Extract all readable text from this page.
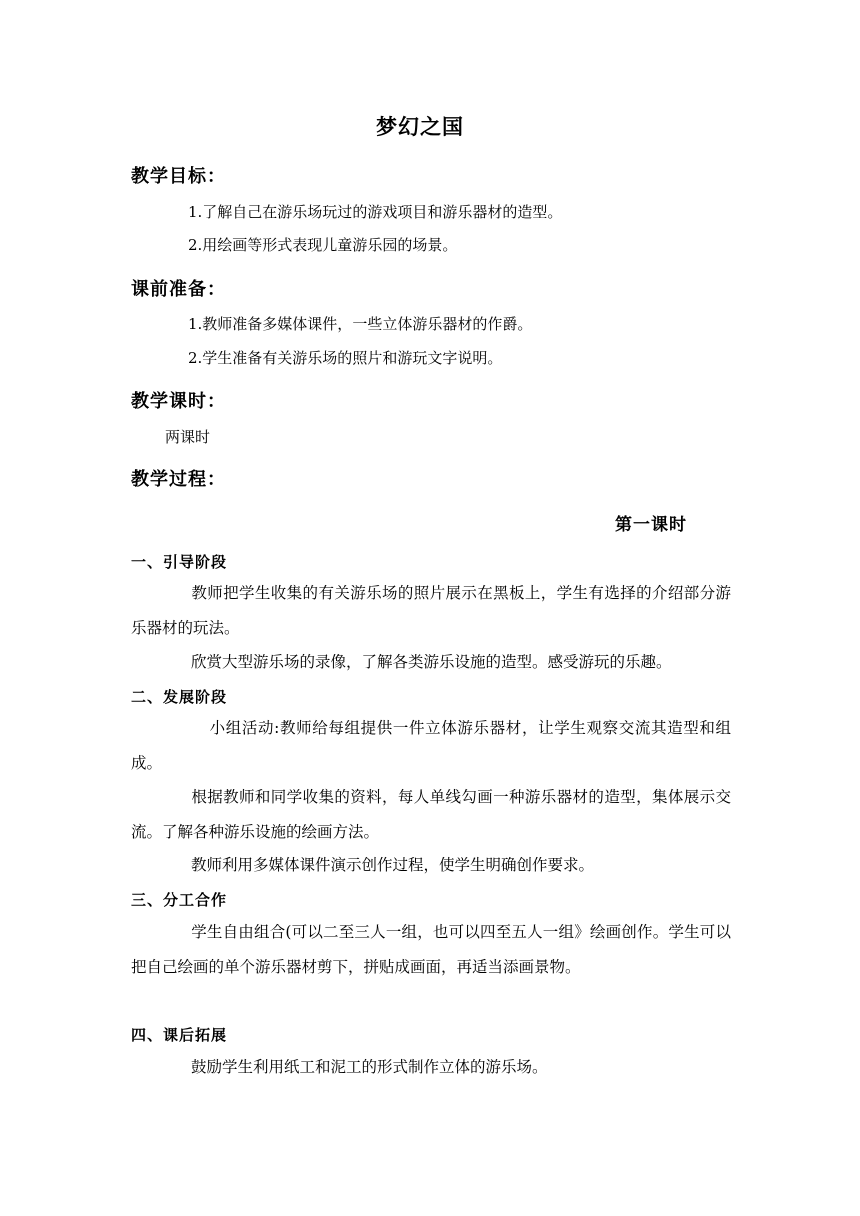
梦幻之国
教学目标：
1.了解自己在游乐场玩过的游戏项目和游乐器材的造型。
2.用绘画等形式表现儿童游乐园的场景。
课前准备：
1.教师准备多媒体课件，一些立体游乐器材的作爵。
2.学生准备有关游乐场的照片和游玩文字说明。
教学课时：
两课时
教学过程：
第一课时
一、引导阶段
教师把学生收集的有关游乐场的照片展示在黑板上，学生有选择的介绍部分游乐器材的玩法。
欣赏大型游乐场的录像，了解各类游乐设施的造型。感受游玩的乐趣。
二、发展阶段
小组活动:教师给每组提供一件立体游乐器材，让学生观察交流其造型和组成。
根据教师和同学收集的资料，每人单线勾画一种游乐器材的造型，集体展示交流。了解各种游乐设施的绘画方法。
教师利用多媒体课件演示创作过程，使学生明确创作要求。
三、分工合作
学生自由组合(可以二至三人一组，也可以四至五人一组》绘画创作。学生可以把自己绘画的单个游乐器材剪下，拼贴成画面，再适当添画景物。
四、课后拓展
鼓励学生利用纸工和泥工的形式制作立体的游乐场。
